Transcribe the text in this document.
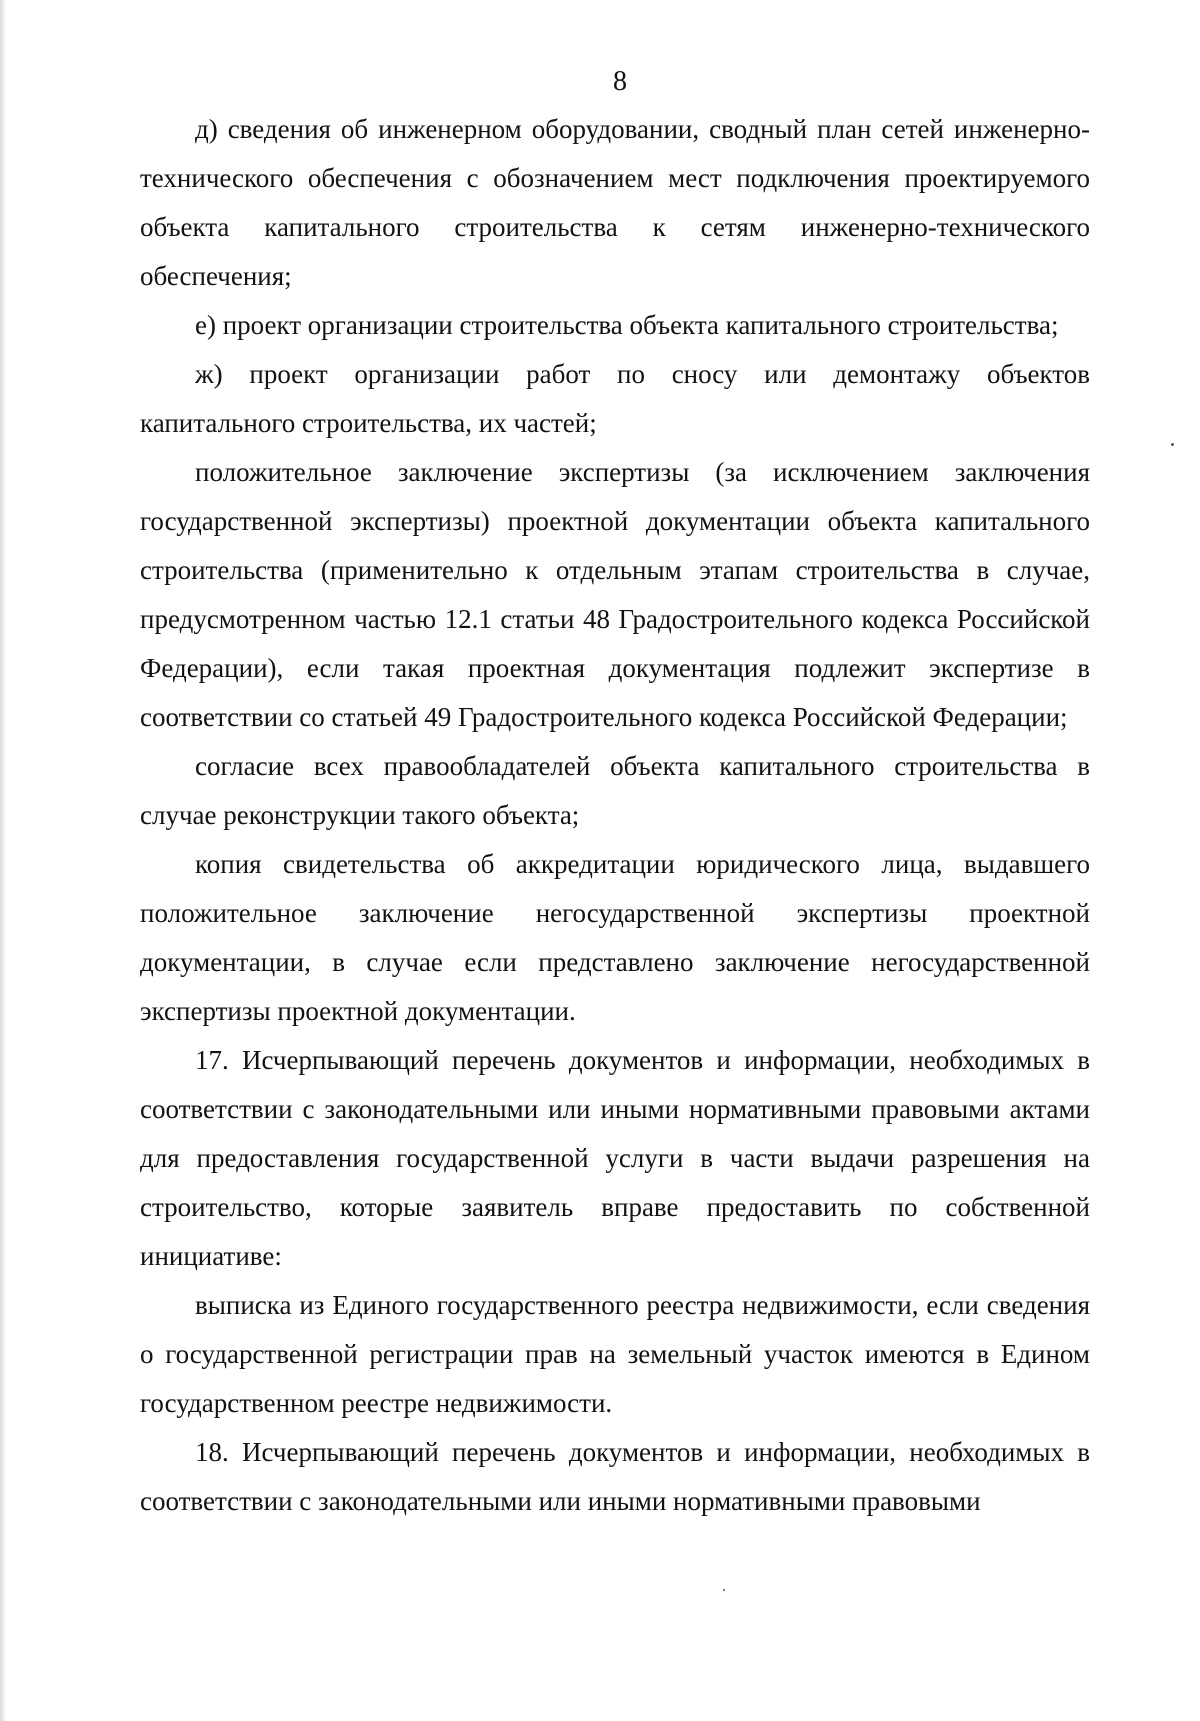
8

д) сведения об инженерном оборудовании, сводный план сетей инженерно-технического обеспечения с обозначением мест подключения проектируемого объекта капитального строительства к сетям инженерно-технического обеспечения;

е) проект организации строительства объекта капитального строительства;

ж) проект организации работ по сносу или демонтажу объектов капитального строительства, их частей;

положительное заключение экспертизы (за исключением заключения государственной экспертизы) проектной документации объекта капитального строительства (применительно к отдельным этапам строительства в случае, предусмотренном частью 12.1 статьи 48 Градостроительного кодекса Российской Федерации), если такая проектная документация подлежит экспертизе в соответствии со статьей 49 Градостроительного кодекса Российской Федерации;

согласие всех правообладателей объекта капитального строительства в случае реконструкции такого объекта;

копия свидетельства об аккредитации юридического лица, выдавшего положительное заключение негосударственной экспертизы проектной документации, в случае если представлено заключение негосударственной экспертизы проектной документации.

17. Исчерпывающий перечень документов и информации, необходимых в соответствии с законодательными или иными нормативными правовыми актами для предоставления государственной услуги в части выдачи разрешения на строительство, которые заявитель вправе предоставить по собственной инициативе:

выписка из Единого государственного реестра недвижимости, если сведения о государственной регистрации прав на земельный участок имеются в Едином государственном реестре недвижимости.

18. Исчерпывающий перечень документов и информации, необходимых в соответствии с законодательными или иными нормативными правовыми
